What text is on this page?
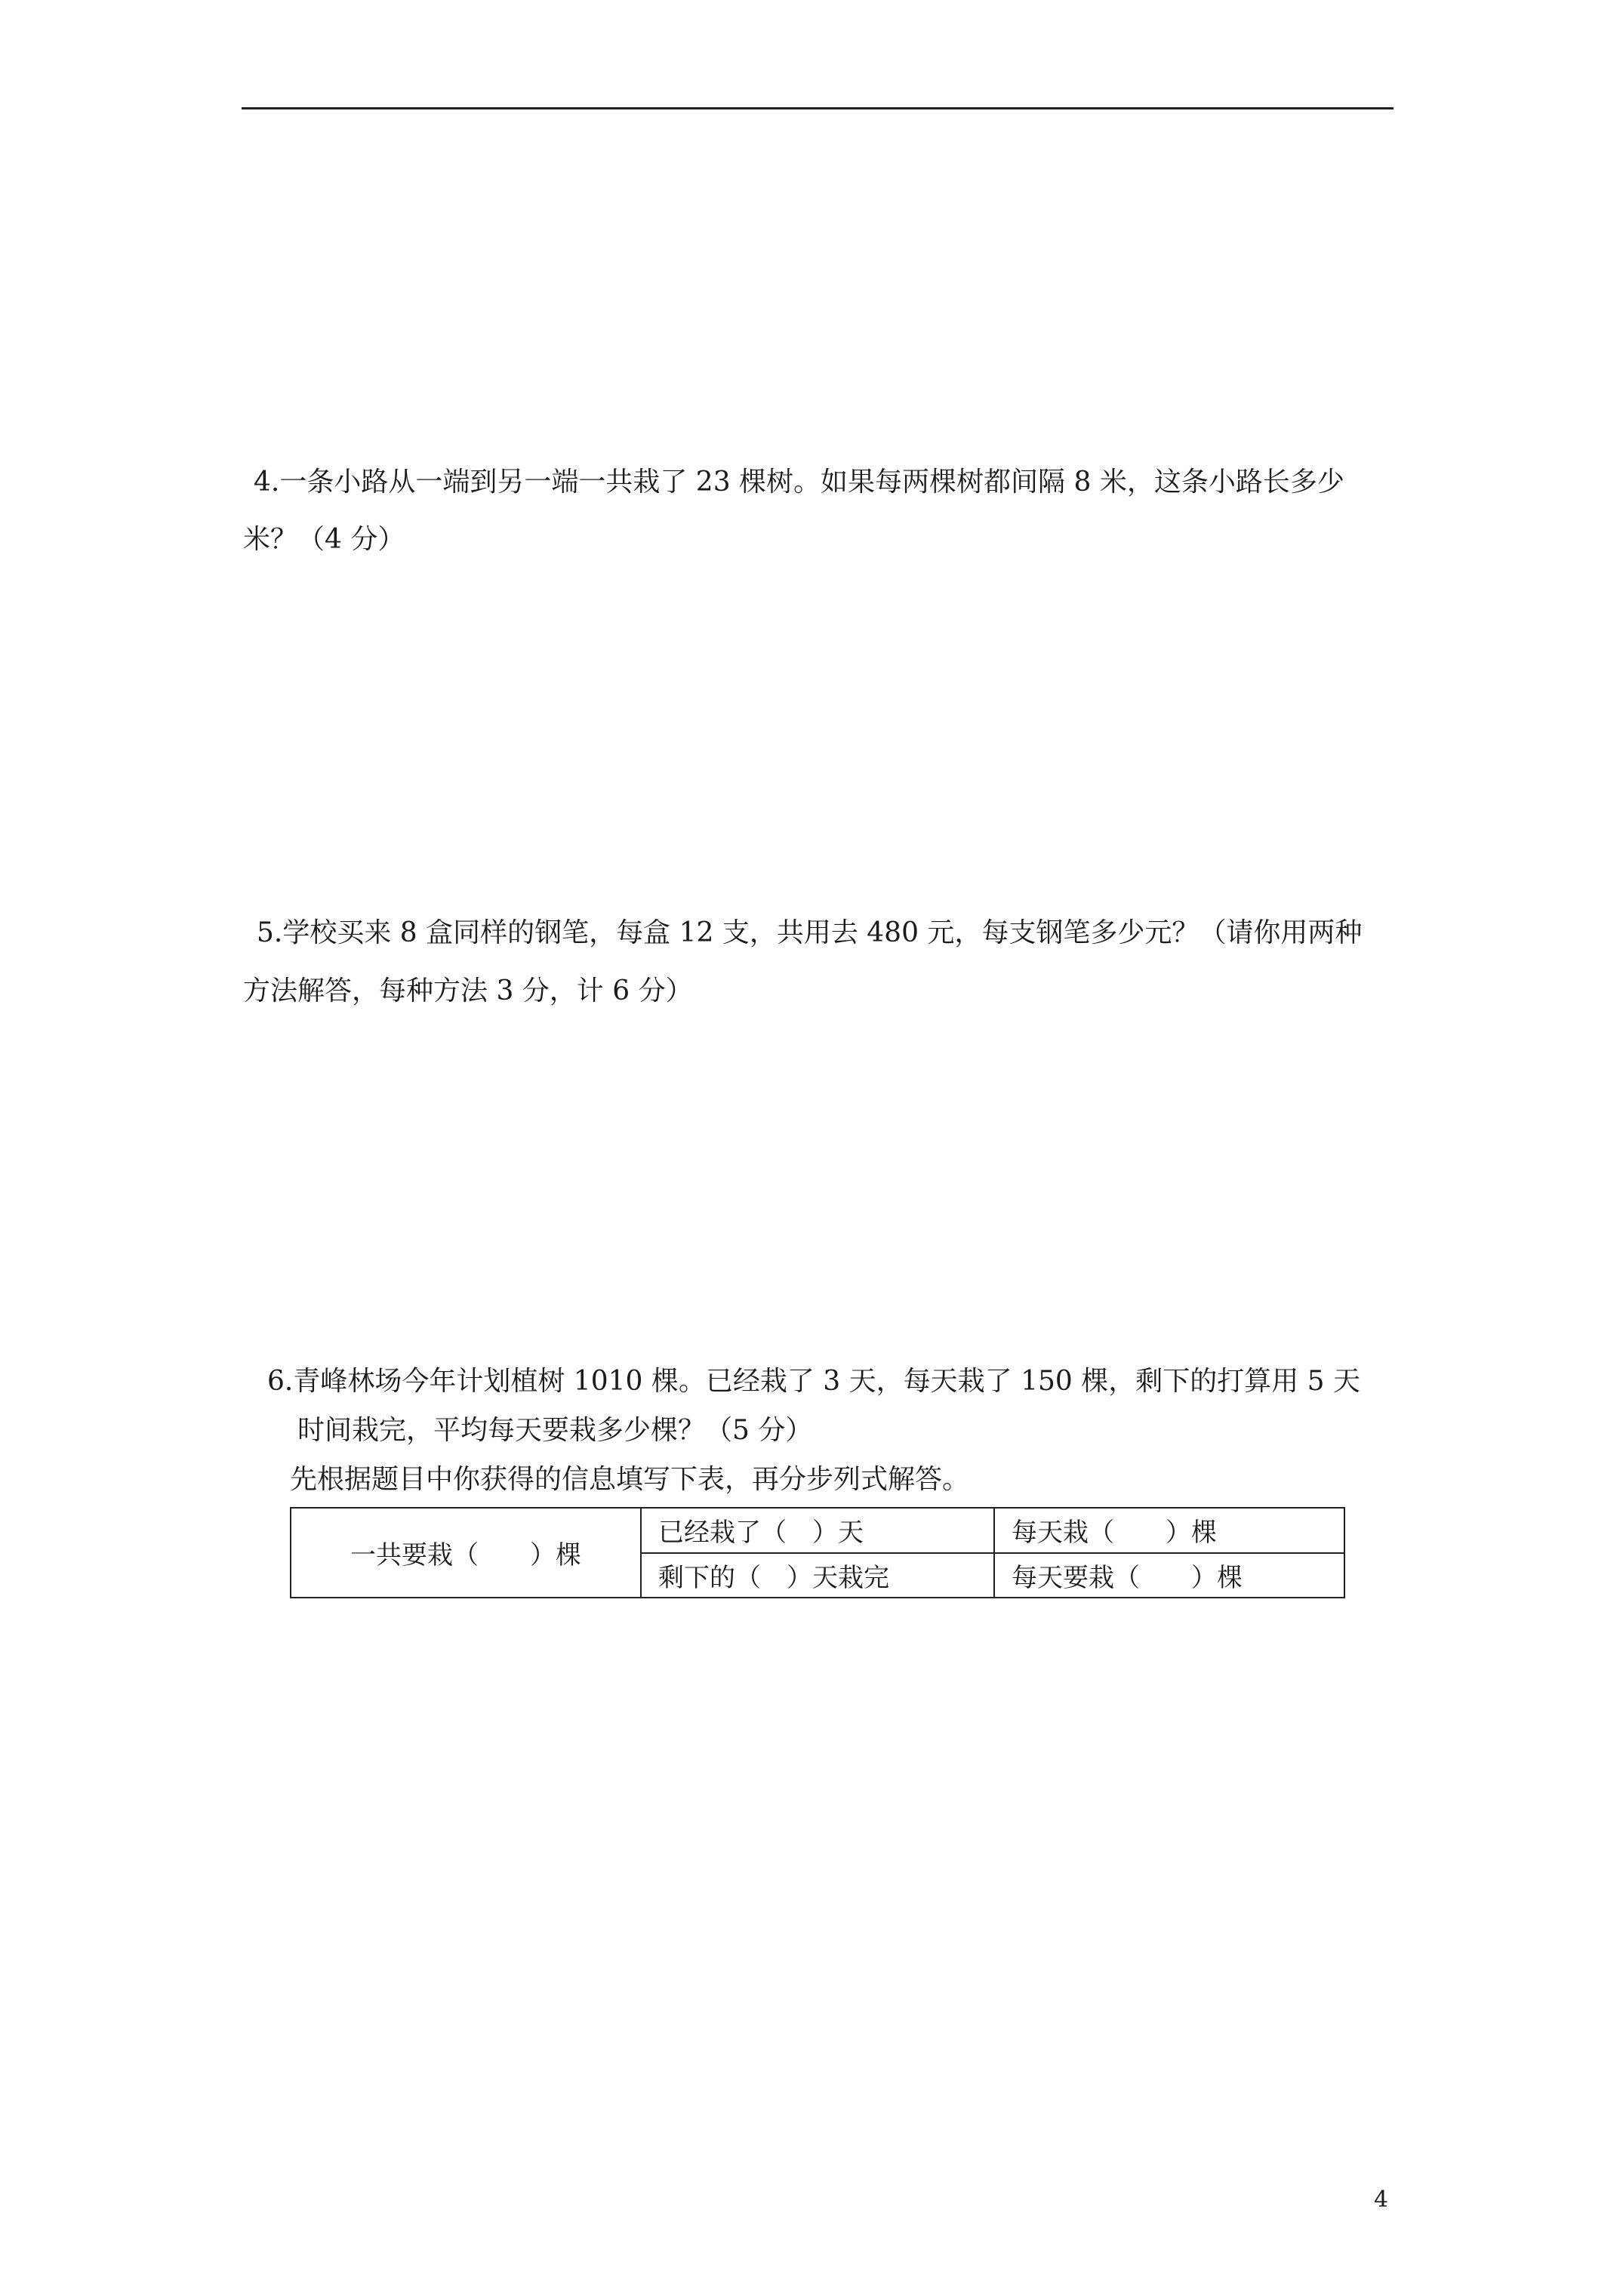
4.一条小路从一端到另一端一共栽了 23 棵树。如果每两棵树都间隔 8 米，这条小路长多少
米？（4 分）
5.学校买来 8 盒同样的钢笔，每盒 12 支，共用去 480 元，每支钢笔多少元？（请你用两种
方法解答，每种方法 3 分，计 6 分）
6.青峰林场今年计划植树 1010 棵。已经栽了 3 天，每天栽了 150 棵，剩下的打算用 5 天
时间栽完，平均每天要栽多少棵？（5 分）
先根据题目中你获得的信息填写下表，再分步列式解答。
一共要栽（　　）棵	已经栽了（　）天	每天栽（　　）棵
	剩下的（　）天栽完	每天要栽（　　）棵
4
